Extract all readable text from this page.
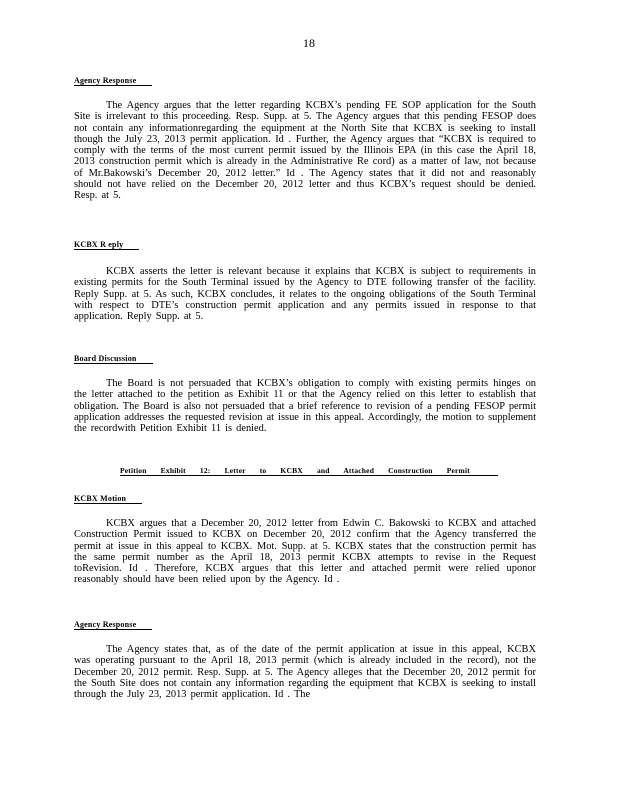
18
Agency Response
The Agency argues that the letter regarding KCBX’s pending FE SOP application for the South Site is irrelevant to this proceeding. Resp. Supp. at 5. The Agency argues that this pending FESOP does not contain any informationregarding the equipment at the North Site that KCBX is seeking to install though the July 23, 2013 permit application. Id . Further, the Agency argues that “KCBX is required to comply with the terms of the most current permit issued by the Illinois EPA (in this case the April 18, 2013 construction permit which is already in the Administrative Re cord) as a matter of law, not because of Mr.Bakowski’s December 20, 2012 letter.” Id . The Agency states that it did not and reasonably should not have relied on the December 20, 2012 letter and thus KCBX’s request should be denied. Resp. at 5.
KCBX R eply
KCBX asserts the letter is relevant because it explains that KCBX is subject to requirements in existing permits for the South Terminal issued by the Agency to DTE following transfer of the facility. Reply Supp. at 5. As such, KCBX concludes, it relates to the ongoing obligations of the South Terminal with respect to DTE’s construction permit application and any permits issued in response to that application. Reply Supp. at 5.
Board Discussion
The Board is not persuaded that KCBX’s obligation to comply with existing permits hinges on the letter attached to the petition as Exhibit 11 or that the Agency relied on this letter to establish that obligation. The Board is also not persuaded that a brief reference to revision of a pending FESOP permit application addresses the requested revision at issue in this appeal. Accordingly, the motion to supplement the recordwith Petition Exhibit 11 is denied.
Petition Exhibit 12: Letter to KCBX and Attached Construction Permit
KCBX Motion
KCBX argues that a December 20, 2012 letter from Edwin C. Bakowski to KCBX and attached Construction Permit issued to KCBX on December 20, 2012 confirm that the Agency transferred the permit at issue in this appeal to KCBX. Mot. Supp. at 5. KCBX states that the construction permit has the same permit number as the April 18, 2013 permit KCBX attempts to revise in the Request toRevision. Id . Therefore, KCBX argues that this letter and attached permit were relied uponor reasonably should have been relied upon by the Agency. Id .
Agency Response
The Agency states that, as of the date of the permit application at issue in this appeal, KCBX was operating pursuant to the April 18, 2013 permit (which is already included in the record), not the December 20, 2012 permit. Resp. Supp. at 5. The Agency alleges that the December 20, 2012 permit for the South Site does not contain any information regarding the equipment that KCBX is seeking to install through the July 23, 2013 permit application. Id . The
